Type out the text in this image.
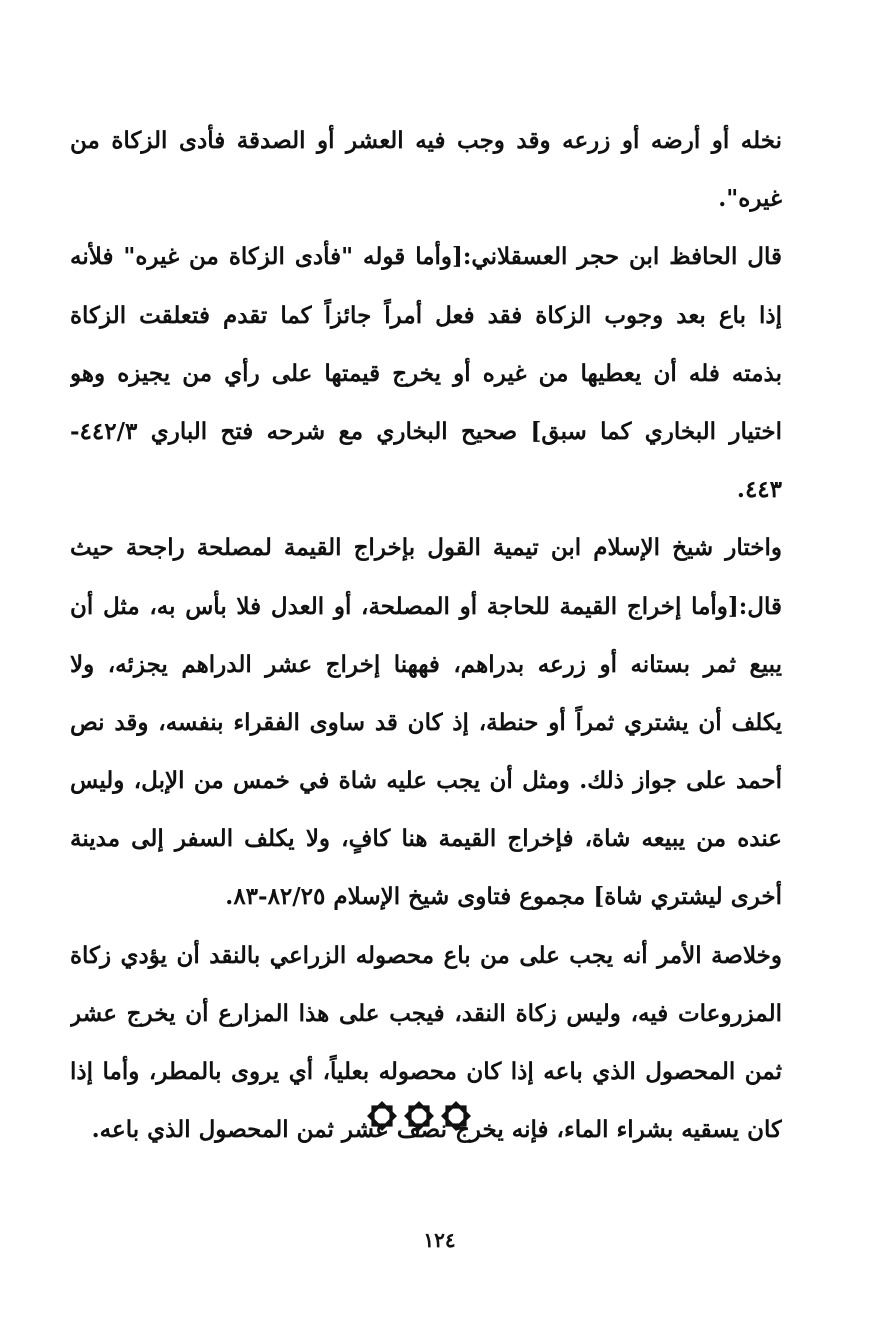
نخله أو أرضه أو زرعه وقد وجب فيه العشر أو الصدقة فأدى الزكاة من
غيره".
قال الحافظ ابن حجر العسقلاني:[وأما قوله "فأدى الزكاة من غيره" فلأنه
إذا باع بعد وجوب الزكاة فقد فعل أمراً جائزاً كما تقدم فتعلقت الزكاة
بذمته فله أن يعطيها من غيره أو يخرج قيمتها على رأي من يجيزه وهو
اختيار البخاري كما سبق] صحيح البخاري مع شرحه فتح الباري ٤٤٢/٣-
٤٤٣.
واختار شيخ الإسلام ابن تيمية القول بإخراج القيمة لمصلحة راجحة حيث
قال:[وأما إخراج القيمة للحاجة أو المصلحة، أو العدل فلا بأس به، مثل أن
يبيع ثمر بستانه أو زرعه بدراهم، فههنا إخراج عشر الدراهم يجزئه، ولا
يكلف أن يشتري ثمراً أو حنطة، إذ كان قد ساوى الفقراء بنفسه، وقد نص
أحمد على جواز ذلك. ومثل أن يجب عليه شاة في خمس من الإبل، وليس
عنده من يبيعه شاة، فإخراج القيمة هنا كافٍ، ولا يكلف السفر إلى مدينة
أخرى ليشتري شاة] مجموع فتاوى شيخ الإسلام ٨٢/٢٥-٨٣.
وخلاصة الأمر أنه يجب على من باع محصوله الزراعي بالنقد أن يؤدي زكاة
المزروعات فيه، وليس زكاة النقد، فيجب على هذا المزارع أن يخرج عشر
ثمن المحصول الذي باعه إذا كان محصوله بعلياً، أي يروى بالمطر، وأما إذا
كان يسقيه بشراء الماء، فإنه يخرج نصف عشر ثمن المحصول الذي باعه.
١٢٤
